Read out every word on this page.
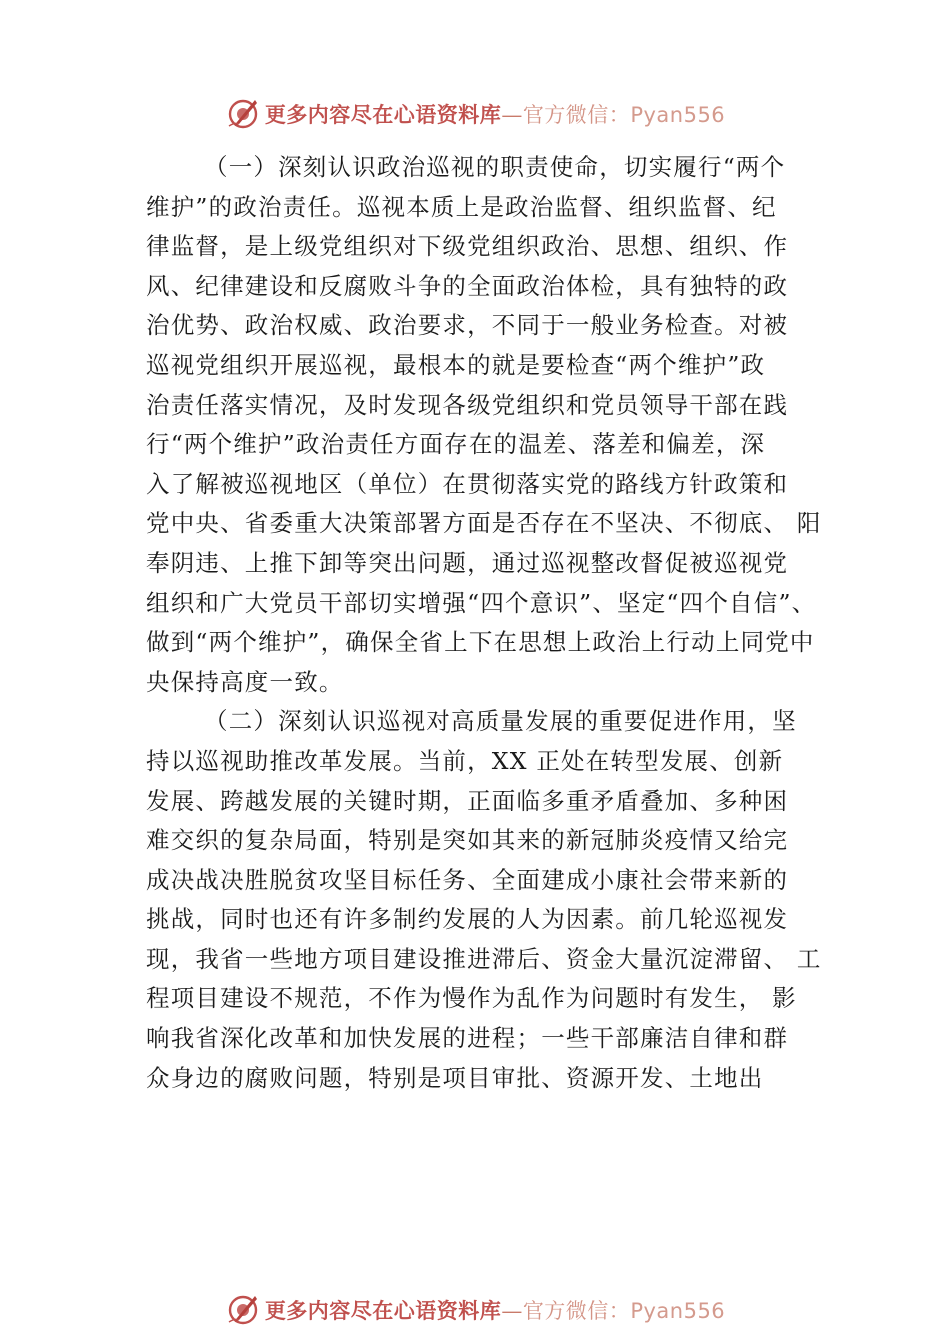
更多内容尽在心语资料库—官方微信：Pyan556

（一）深刻认识政治巡视的职责使命，切实履行“两个
维护”的政治责任。巡视本质上是政治监督、组织监督、纪
律监督，是上级党组织对下级党组织政治、思想、组织、作
风、纪律建设和反腐败斗争的全面政治体检，具有独特的政
治优势、政治权威、政治要求，不同于一般业务检查。对被
巡视党组织开展巡视，最根本的就是要检查“两个维护”政
治责任落实情况，及时发现各级党组织和党员领导干部在践
行“两个维护”政治责任方面存在的温差、落差和偏差，深
入了解被巡视地区（单位）在贯彻落实党的路线方针政策和
党中央、省委重大决策部署方面是否存在不坚决、不彻底、 阳
奉阴违、上推下卸等突出问题，通过巡视整改督促被巡视党
组织和广大党员干部切实增强“四个意识”、坚定“四个自信”、
做到“两个维护”，确保全省上下在思想上政治上行动上同党中
央保持高度一致。

（二）深刻认识巡视对高质量发展的重要促进作用，坚
持以巡视助推改革发展。当前，XX 正处在转型发展、创新
发展、跨越发展的关键时期，正面临多重矛盾叠加、多种困
难交织的复杂局面，特别是突如其来的新冠肺炎疫情又给完
成决战决胜脱贫攻坚目标任务、全面建成小康社会带来新的
挑战，同时也还有许多制约发展的人为因素。前几轮巡视发
现，我省一些地方项目建设推进滞后、资金大量沉淀滞留、 工
程项目建设不规范，不作为慢作为乱作为问题时有发生， 影
响我省深化改革和加快发展的进程；一些干部廉洁自律和群
众身边的腐败问题，特别是项目审批、资源开发、土地出

更多内容尽在心语资料库—官方微信：Pyan556
